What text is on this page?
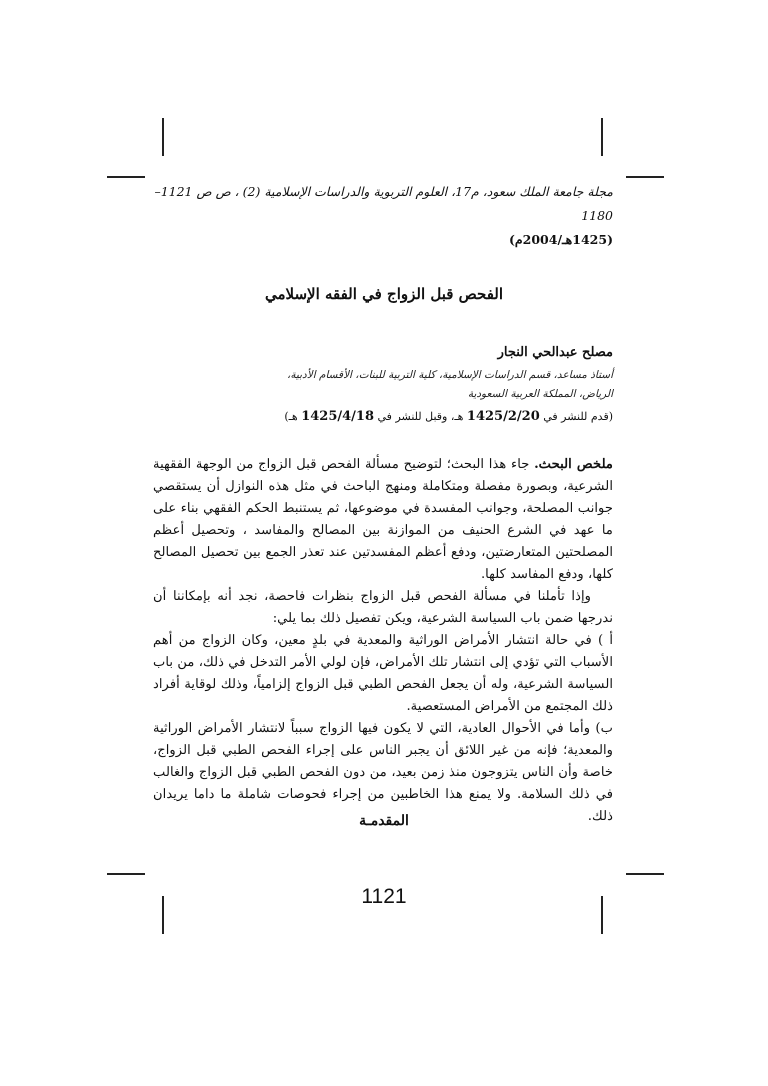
مجلة جامعة الملك سعود، م17، العلوم التربوية والدراسات الإسلامية (2) ، ص ص 1121–1180
(1425هـ/2004م)
الفحص قبل الزواج في الفقه الإسلامي
مصلح عبدالحي النجار
أستاذ مساعد، قسم الدراسات الإسلامية، كلية التربية للبنات، الأقسام الأدبية،
الرياض، المملكة العربية السعودية
(قدم للنشر في 1425/2/20 هـ، وقبل للنشر في 1425/4/18 هـ)

ملخص البحث. جاء هذا البحث؛ لتوضيح مسألة الفحص قبل الزواج من الوجهة الفقهية الشرعية، وبصورة مفصلة ومتكاملة ومنهج الباحث في مثل هذه النوازل أن يستقصي جوانب المصلحة، وجوانب المفسدة في موضوعها، ثم يستنبط الحكم الفقهي بناء على ما عهد في الشرع الحنيف من الموازنة بين المصالح والمفاسد ، وتحصيل أعظم المصلحتين المتعارضتين، ودفع أعظم المفسدتين عند تعذر الجمع بين تحصيل المصالح كلها، ودفع المفاسد كلها.

وإذا تأملنا في مسألة الفحص قبل الزواج بنظرات فاحصة، نجد أنه بإمكاننا أن ندرجها ضمن باب السياسة الشرعية، ويكن تفصيل ذلك بما يلي:

أ ) في حالة انتشار الأمراض الوراثية والمعدية في بلدٍ معين، وكان الزواج من أهم الأسباب التي تؤدي إلى انتشار تلك الأمراض، فإن لولي الأمر التدخل في ذلك، من باب السياسة الشرعية، وله أن يجعل الفحص الطبي قبل الزواج إلزامياً، وذلك لوقاية أفراد ذلك المجتمع من الأمراض المستعصية.

ب) وأما في الأحوال العادية، التي لا يكون فيها الزواج سبباً لانتشار الأمراض الوراثية والمعدية؛ فإنه من غير اللائق أن يجبر الناس على إجراء الفحص الطبي قبل الزواج، خاصة وأن الناس يتزوجون منذ زمن بعيد، من دون الفحص الطبي قبل الزواج والغالب في ذلك السلامة. ولا يمنع هذا الخاطبين من إجراء فحوصات شاملة ما داما يريدان ذلك.

المقدمـة
1121
